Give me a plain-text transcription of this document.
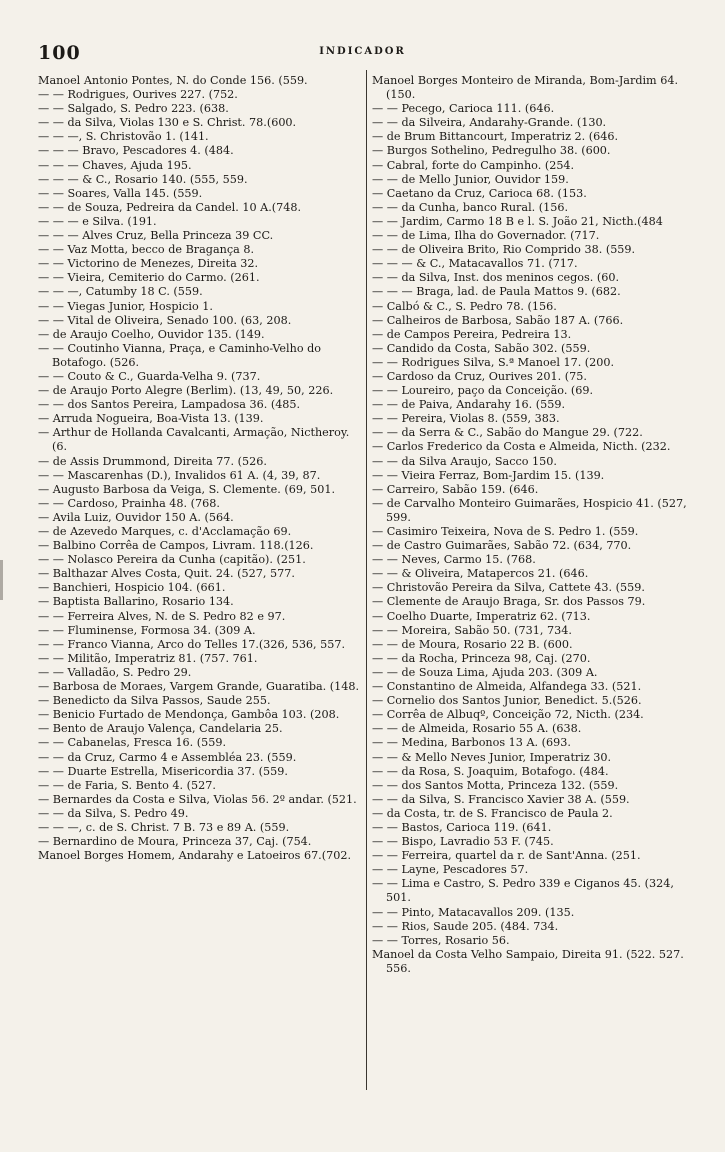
100	INDICADOR

Manoel Antonio Pontes, N. do Conde 156. (559.

— — Rodrigues, Ourives 227. (752.

— — Salgado, S. Pedro 223. (638.

— — da Silva, Violas 130 e S. Christ. 78.(600.

— — —, S. Christovão 1. (141.

— — — Bravo, Pescadores 4. (484.

— — — Chaves, Ajuda 195.

— — — & C., Rosario 140. (555, 559.

— — Soares, Valla 145. (559.

— — de Souza, Pedreira da Candel. 10 A.(748.

— — — e Silva. (191.

— — — Alves Cruz, Bella Princeza 39 CC.

— — Vaz Motta, becco de Bragança 8.

— — Victorino de Menezes, Direita 32.

— — Vieira, Cemiterio do Carmo. (261.

— — —, Catumby 18 C. (559.

— — Viegas Junior, Hospicio 1.

— — Vital de Oliveira, Senado 100. (63, 208.

— de Araujo Coelho, Ouvidor 135. (149.

— — Coutinho Vianna, Praça, e Caminho-Velho do Botafogo. (526.

— — Couto & C., Guarda-Velha 9. (737.

— de Araujo Porto Alegre (Berlim). (13, 49, 50, 226.

— — dos Santos Pereira, Lampadosa 36. (485.

— Arruda Nogueira, Boa-Vista 13. (139.

— Arthur de Hollanda Cavalcanti, Armação, Nictheroy. (6.

— de Assis Drummond, Direita 77. (526.

— — Mascarenhas (D.), Invalidos 61 A. (4, 39, 87.

— Augusto Barbosa da Veiga, S. Clemente. (69, 501.

— — Cardoso, Prainha 48. (768.

— Avila Luiz, Ouvidor 150 A. (564.

— de Azevedo Marques, c. d'Acclamação 69.

— Balbino Corrêa de Campos, Livram. 118.(126.

— — Nolasco Pereira da Cunha (capitão). (251.

— Balthazar Alves Costa, Quit. 24. (527, 577.

— Banchieri, Hospicio 104. (661.

— Baptista Ballarino, Rosario 134.

— — Ferreira Alves, N. de S. Pedro 82 e 97.

— — Fluminense, Formosa 34. (309 A.

— — Franco Vianna, Arco do Telles 17.(326, 536, 557.

— — Militão, Imperatriz 81. (757. 761.

— — Valladão, S. Pedro 29.

— Barbosa de Moraes, Vargem Grande, Guaratiba. (148.

— Benedicto da Silva Passos, Saude 255.

— Benicio Furtado de Mendonça, Gambôa 103. (208.

— Bento de Araujo Valença, Candelaria 25.

— — Cabanelas, Fresca 16. (559.

— — da Cruz, Carmo 4 e Assembléa 23. (559.

— — Duarte Estrella, Misericordia 37. (559.

— — de Faria, S. Bento 4. (527.

— Bernardes da Costa e Silva, Violas 56. 2º andar. (521.

— — da Silva, S. Pedro 49.

— — —, c. de S. Christ. 7 B. 73 e 89 A. (559.

— Bernardino de Moura, Princeza 37, Caj. (754.

Manoel Borges Homem, Andarahy e Latoeiros 67.(702.

Manoel Borges Monteiro de Miranda, Bom-Jardim 64. (150.

— — Pecego, Carioca 111. (646.

— — da Silveira, Andarahy-Grande. (130.

— de Brum Bittancourt, Imperatriz 2. (646.

— Burgos Sothelino, Pedregulho 38. (600.

— Cabral, forte do Campinho. (254.

— — de Mello Junior, Ouvidor 159.

— Caetano da Cruz, Carioca 68. (153.

— — da Cunha, banco Rural. (156.

— — Jardim, Carmo 18 B e l. S. João 21, Nicth.(484

— — de Lima, Ilha do Governador. (717.

— — de Oliveira Brito, Rio Comprido 38. (559.

— — — & C., Matacavallos 71. (717.

— — da Silva, Inst. dos meninos cegos. (60.

— — — Braga, lad. de Paula Mattos 9. (682.

— Calbó & C., S. Pedro 78. (156.

— Calheiros de Barbosa, Sabão 187 A. (766.

— de Campos Pereira, Pedreira 13.

— Candido da Costa, Sabão 302. (559.

— — Rodrigues Silva, S.ª Manoel 17. (200.

— Cardoso da Cruz, Ourives 201. (75.

— — Loureiro, paço da Conceição. (69.

— — de Paiva, Andarahy 16. (559.

— — Pereira, Violas 8. (559, 383.

— — da Serra & C., Sabão do Mangue 29. (722.

— Carlos Frederico da Costa e Almeida, Nicth. (232.

— — da Silva Araujo, Sacco 150.

— — Vieira Ferraz, Bom-Jardim 15. (139.

— Carreiro, Sabão 159. (646.

— de Carvalho Monteiro Guimarães, Hospicio 41. (527, 599.

— Casimiro Teixeira, Nova de S. Pedro 1. (559.

— de Castro Guimarães, Sabão 72. (634, 770.

— — Neves, Carmo 15. (768.

— — & Oliveira, Matapercos 21. (646.

— Christovão Pereira da Silva, Cattete 43. (559.

— Clemente de Araujo Braga, Sr. dos Passos 79.

— Coelho Duarte, Imperatriz 62. (713.

— — Moreira, Sabão 50. (731, 734.

— — de Moura, Rosario 22 B. (600.

— — da Rocha, Princeza 98, Caj. (270.

— — de Souza Lima, Ajuda 203. (309 A.

— Constantino de Almeida, Alfandega 33. (521.

— Cornelio dos Santos Junior, Benedict. 5.(526.

— Corrêa de Albuqº, Conceição 72, Nicth. (234.

— — de Almeida, Rosario 55 A. (638.

— — Medina, Barbonos 13 A. (693.

— — & Mello Neves Junior, Imperatriz 30.

— — da Rosa, S. Joaquim, Botafogo. (484.

— — dos Santos Motta, Princeza 132. (559.

— — da Silva, S. Francisco Xavier 38 A. (559.

— da Costa, tr. de S. Francisco de Paula 2.

— — Bastos, Carioca 119. (641.

— — Bispo, Lavradio 53 F. (745.

— — Ferreira, quartel da r. de Sant'Anna. (251.

— — Layne, Pescadores 57.

— — Lima e Castro, S. Pedro 339 e Ciganos 45. (324, 501.

— — Pinto, Matacavallos 209. (135.

— — Rios, Saude 205. (484. 734.

— — Torres, Rosario 56.

Manoel da Costa Velho Sampaio, Direita 91. (522. 527. 556.
